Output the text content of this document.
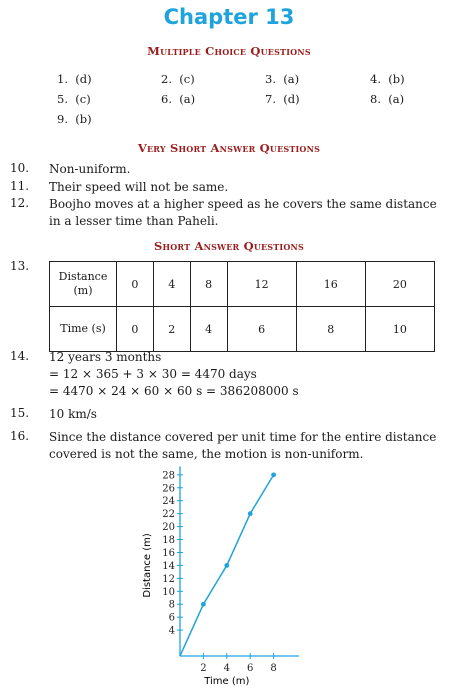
Chapter 13
Multiple Choice Questions
1. (d)	2. (c)	3. (a)	4. (b)
5. (c)	6. (a)	7. (d)	8. (a)
9. (b)
Very Short Answer Questions
10. Non-uniform.
11. Their speed will not be same.
12. Boojho moves at a higher speed as he covers the same distance in a lesser time than Paheli.
Short Answer Questions
13.
Distance (m)	0	4	8	12	16	20
Time (s)	0	2	4	6	8	10
14. 12 years 3 months
= 12 × 365 + 3 × 30 = 4470 days
= 4470 × 24 × 60 × 60 s = 386208000 s
15. 10 km/s
16. Since the distance covered per unit time for the entire distance covered is not the same, the motion is non-uniform.
4
6
8
10
12
14
16
18
20
22
24
26
28
2 4 6 8
Time (m)
Distance (m)
